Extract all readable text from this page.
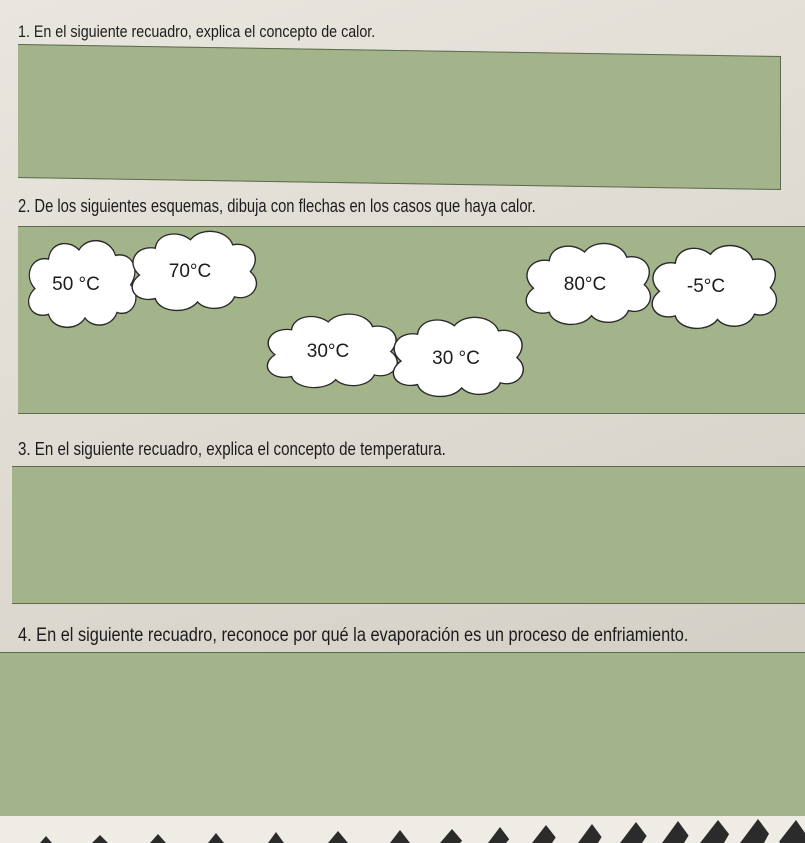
1. En el siguiente recuadro, explica el concepto de calor.
2. De los siguientes esquemas, dibuja con flechas en los casos que haya calor.
50 °C
70°C
80°C	-5°C
30°C	30 °C
3. En el siguiente recuadro, explica el concepto de temperatura.
4. En el siguiente recuadro, reconoce por qué la evaporación es un proceso de enfriamiento.
